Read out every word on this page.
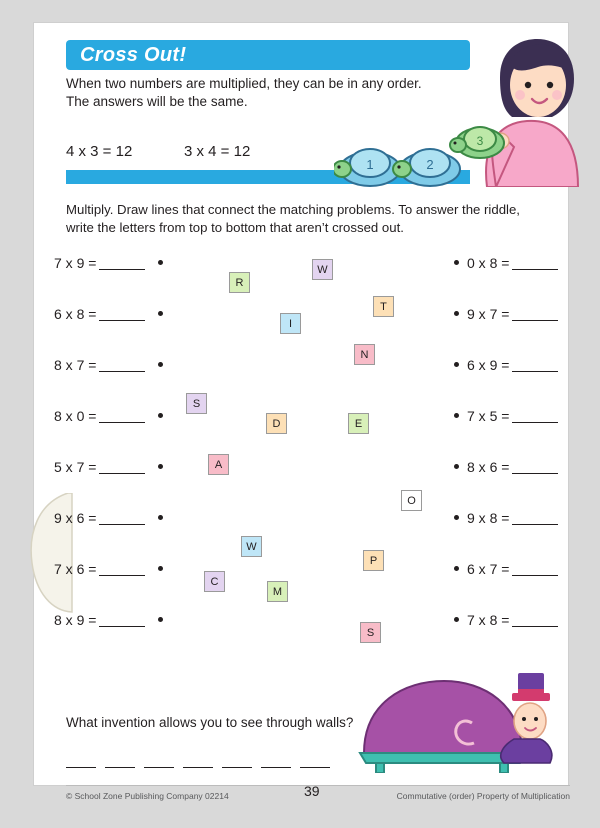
Cross Out!
When two numbers are multiplied, they can be in any order. The answers will be the same.
4 x 3 = 12	3 x 4 = 12
1	2
3
Multiply. Draw lines that connect the matching problems. To answer the riddle, write the letters from top to bottom that aren’t crossed out.
7 x 9 =
6 x 8 =
8 x 7 =
8 x 0 =
5 x 7 =
9 x 6 =
7 x 6 =
8 x 9 =
0 x 8 =
9 x 7 =
6 x 9 =
7 x 5 =
8 x 6 =
9 x 8 =
6 x 7 =
7 x 8 =
R
W
T
I
N
S
D	E
A
O
W
P
C
M
S
What invention allows you to see through walls?
© School Zone Publishing Company 02214	39	Commutative (order) Property of Multiplication
